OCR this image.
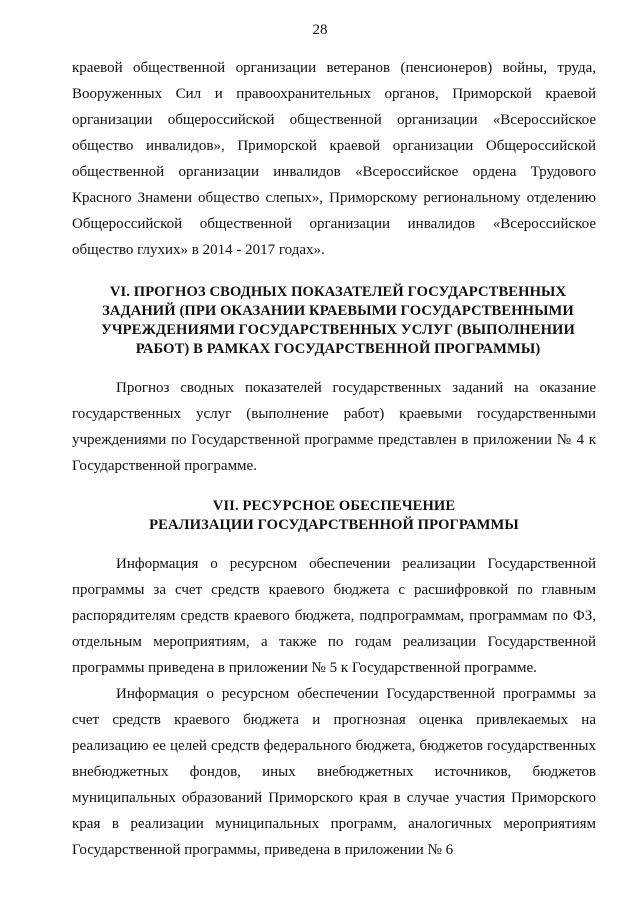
28

краевой общественной организации ветеранов (пенсионеров) войны, труда, Вооруженных Сил и правоохранительных органов, Приморской краевой организации общероссийской общественной организации «Всероссийское общество инвалидов», Приморской краевой организации Общероссийской общественной организации инвалидов «Всероссийское ордена Трудового Красного Знамени общество слепых», Приморскому региональному отделению Общероссийской общественной организации инвалидов «Всероссийское общество глухих» в 2014 - 2017 годах».

VI. ПРОГНОЗ СВОДНЫХ ПОКАЗАТЕЛЕЙ ГОСУДАРСТВЕННЫХ
ЗАДАНИЙ (ПРИ ОКАЗАНИИ КРАЕВЫМИ ГОСУДАРСТВЕННЫМИ
УЧРЕЖДЕНИЯМИ ГОСУДАРСТВЕННЫХ УСЛУГ (ВЫПОЛНЕНИИ
РАБОТ) В РАМКАХ ГОСУДАРСТВЕННОЙ ПРОГРАММЫ)

Прогноз сводных показателей государственных заданий на оказание государственных услуг (выполнение работ) краевыми государственными учреждениями по Государственной программе представлен в приложении № 4 к Государственной программе.

VII. РЕСУРСНОЕ ОБЕСПЕЧЕНИЕ
РЕАЛИЗАЦИИ ГОСУДАРСТВЕННОЙ ПРОГРАММЫ

Информация о ресурсном обеспечении реализации Государственной программы за счет средств краевого бюджета с расшифровкой по главным распорядителям средств краевого бюджета, подпрограммам, программам по ФЗ, отдельным мероприятиям, а также по годам реализации Государственной программы приведена в приложении № 5 к Государственной программе.

Информация о ресурсном обеспечении Государственной программы за счет средств краевого бюджета и прогнозная оценка привлекаемых на реализацию ее целей средств федерального бюджета, бюджетов государственных внебюджетных фондов, иных внебюджетных источников, бюджетов муниципальных образований Приморского края в случае участия Приморского края в реализации муниципальных программ, аналогичных мероприятиям Государственной программы, приведена в приложении № 6
